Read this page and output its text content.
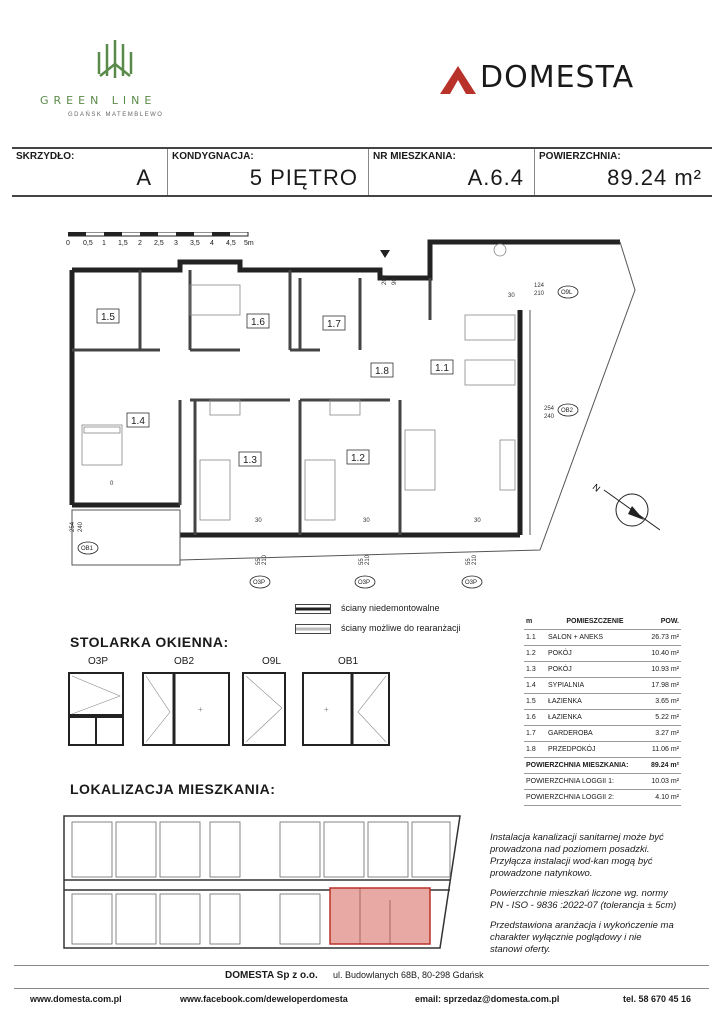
GREEN LINE
GDAŃSK MATEMBLEWO
DOMESTA
SKRZYDŁO:
A
KONDYGNACJA:
5 PIĘTRO
NR MIESZKANIA:
A.6.4
POWIERZCHNIA:
89.24 m²
0 0,5 1 1,5 2 2,5 3 3,5 4 4,5 5m
1.1
1.2
1.3
1.4
1.5	1.6	1.7
1.8
30
30	30	30
124
210
254
240
0
254 240
55 210	55 210	55 210
200 90
O3P	O3P	O3P
OB1
OB2
O9L
N
ściany niedemontowalne
ściany możliwe do rearanżacji
STOLARKA OKIENNA:
O3P	OB2
+
O9L	OB1
+
m	POMIESZCZENIE	POW.
1.1	SALON + ANEKS	26.73 m²
1.2	POKÓJ	10.40 m²
1.3	POKÓJ	10.93 m²
1.4	SYPIALNIA	17.98 m²
1.5	ŁAZIENKA	3.65 m²
1.6	ŁAZIENKA	5.22 m²
1.7	GARDEROBA	3.27 m²
1.8	PRZEDPOKÓJ	11.06 m²
POWIERZCHNIA MIESZKANIA:		89.24 m²
POWIERZCHNIA LOGGII 1:		10.03 m²
POWIERZCHNIA LOGGII 2:		4.10 m²
LOKALIZACJA MIESZKANIA:
Instalacja kanalizacji sanitarnej może być
prowadzona nad poziomem posadzki.
Przyłącza instalacji wod-kan mogą być
prowadzone natynkowo.
Powierzchnie mieszkań liczone wg. normy
PN - ISO - 9836 :2022-07 (tolerancja ± 5cm)
Przedstawiona aranżacja i wykończenie ma
charakter wyłącznie poglądowy i nie
stanowi oferty.
DOMESTA Sp z o.o. ul. Budowlanych 68B, 80-298 Gdańsk
www.domesta.com.pl	www.facebook.com/deweloperdomesta	email: sprzedaz@domesta.com.pl	tel. 58 670 45 16
